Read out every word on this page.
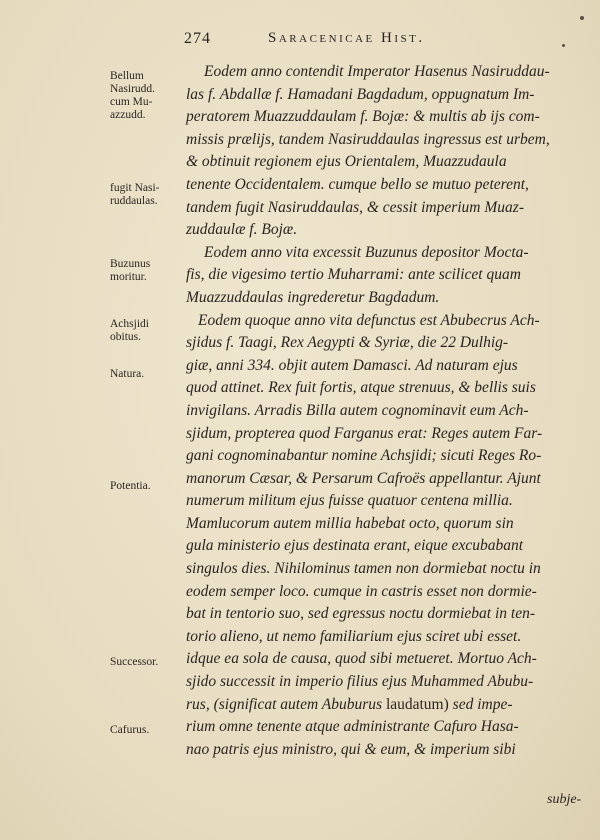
274	Saracenicae Hist.
Bellum
Nasirudd.
cum Mu-
azzudd.
fugit Nasi-
ruddaulas.
Buzunus
moritur.
Achsjidi
obitus.
Natura.
Potentia.
Successor.
Cafurus.
Eodem anno contendit Imperator Hasenus Nasiruddau-
las f. Abdallæ f. Hamadani Bagdadum, oppugnatum Im-
peratorem Muazzuddaulam f. Bojæ: & multis ab ijs com-
missis prælijs, tandem Nasiruddaulas ingressus est urbem,
& obtinuit regionem ejus Orientalem, Muazzudaula
tenente Occidentalem. cumque bello se mutuo peterent,
tandem fugit Nasiruddaulas, & cessit imperium Muaz-
zuddaulæ f. Bojæ.
Eodem anno vita excessit Buzunus depositor Mocta-
fis, die vigesimo tertio Muharrami: ante scilicet quam
Muazzuddaulas ingrederetur Bagdadum.
Eodem quoque anno vita defunctus est Abubecrus Ach-
sjidus f. Taagi, Rex Aegypti & Syriæ, die 22 Dulhig-
giæ, anni 334. objit autem Damasci. Ad naturam ejus
quod attinet. Rex fuit fortis, atque strenuus, & bellis suis
invigilans. Arradis Billa autem cognominavit eum Ach-
sjidum, propterea quod Farganus erat: Reges autem Far-
gani cognominabantur nomine Achsjidi; sicuti Reges Ro-
manorum Cæsar, & Persarum Cafroës appellantur. Ajunt
numerum militum ejus fuisse quatuor centena millia.
Mamlucorum autem millia habebat octo, quorum sin
gula ministerio ejus destinata erant, eique excubabant
singulos dies. Nihilominus tamen non dormiebat noctu in
eodem semper loco. cumque in castris esset non dormie-
bat in tentorio suo, sed egressus noctu dormiebat in ten-
torio alieno, ut nemo familiarium ejus sciret ubi esset.
idque ea sola de causa, quod sibi metueret. Mortuo Ach-
sjido successit in imperio filius ejus Muhammed Abubu-
rus, (significat autem Abuburus laudatum) sed impe-
rium omne tenente atque administrante Cafuro Hasa-
nao patris ejus ministro, qui & eum, & imperium sibi
subje-
